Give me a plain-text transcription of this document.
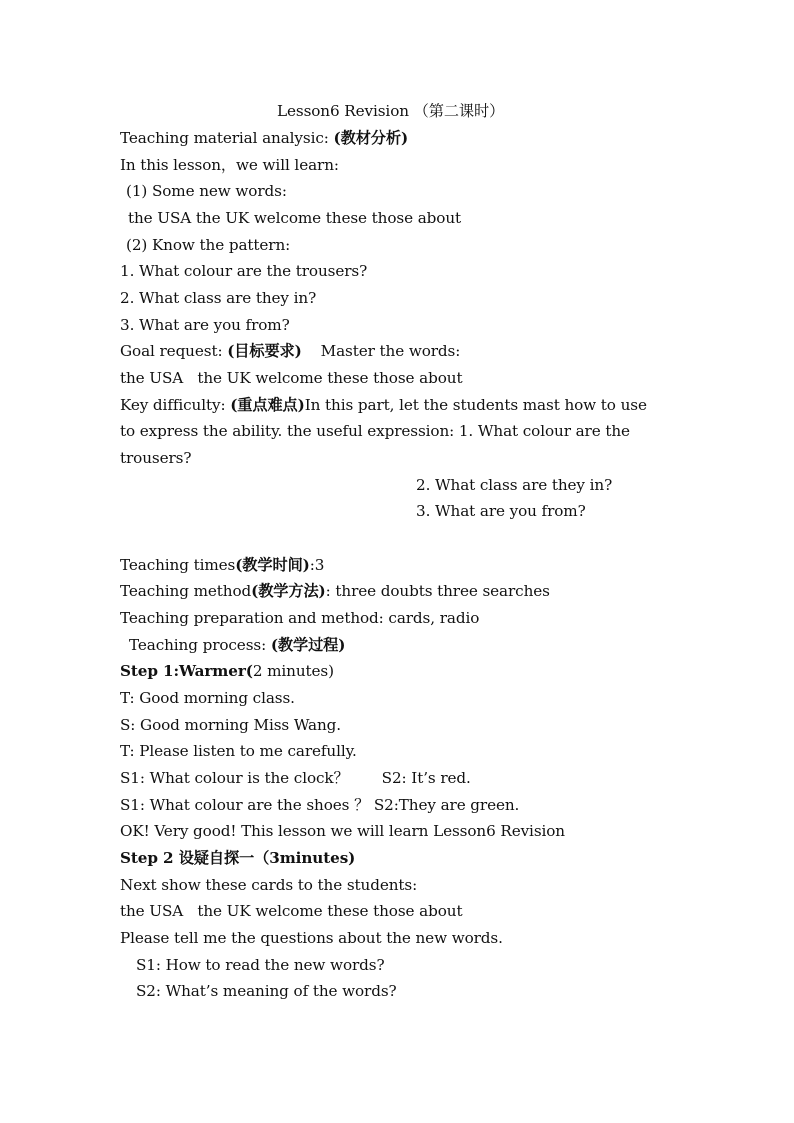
Lesson6 Revision （第二课时）
Teaching material analysic: (教材分析)
In this lesson，we will learn:
(1) Some new words:
the USA the UK welcome these those about
(2) Know the pattern:
1. What colour are the trousers?
2. What class are they in?
3. What are you from?
Goal request: (目标要求)    Master the words:
the USA   the UK welcome these those about
Key difficulty: (重点难点)In this part, let the students mast how to use
to express the ability. the useful expression: 1. What colour are the
trousers?
2. What class are they in?
3. What are you from?
Teaching times(教学时间):3
Teaching method(教学方法): three doubts three searches
Teaching preparation and method: cards, radio
Teaching process: (教学过程)
Step 1:Warmer(2 minutes)
T: Good morning class.
S: Good morning Miss Wang.
T: Please listen to me carefully.
S1: What colour is the clock？       S2: It’s red.
S1: What colour are the shoes ？ S2:They are green.
OK! Very good! This lesson we will learn Lesson6 Revision
Step 2 设疑自探一（3minutes)
Next show these cards to the students:
the USA   the UK welcome these those about
Please tell me the questions about the new words.
S1: How to read the new words?
S2: What’s meaning of the words?
